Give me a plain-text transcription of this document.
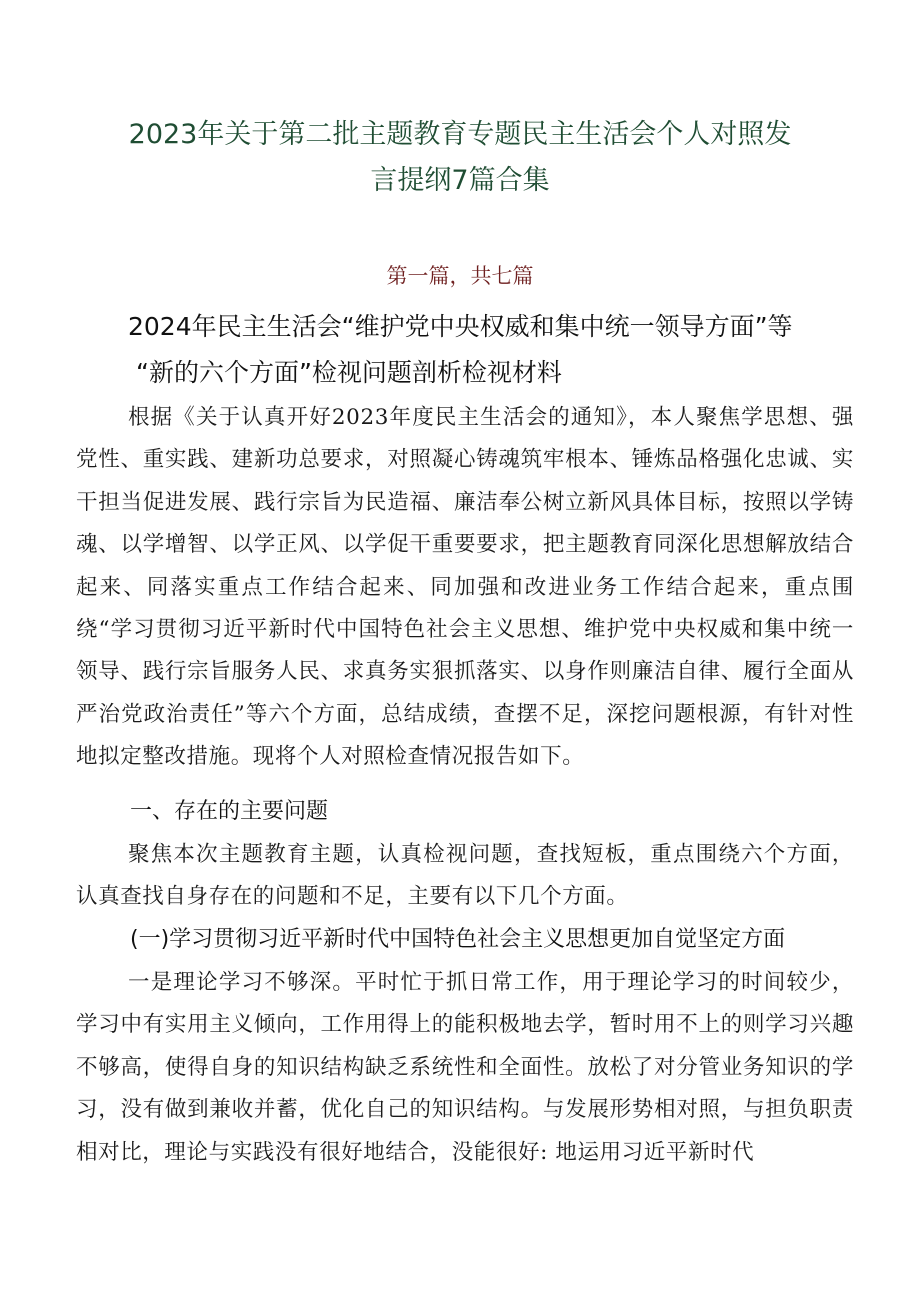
2023年关于第二批主题教育专题民主生活会个人对照发
言提纲7篇合集
第一篇，共七篇
2024年民主生活会“维护党中央权威和集中统一领导方面”等
“新的六个方面”检视问题剖析检视材料

根据《关于认真开好2023年度民主生活会的通知》，本人聚焦学思想、强党性、重实践、建新功总要求，对照凝心铸魂筑牢根本、锤炼品格强化忠诚、实干担当促进发展、践行宗旨为民造福、廉洁奉公树立新风具体目标，按照以学铸魂、以学增智、以学正风、以学促干重要要求，把主题教育同深化思想解放结合起来、同落实重点工作结合起来、同加强和改进业务工作结合起来，重点围绕“学习贯彻习近平新时代中国特色社会主义思想、维护党中央权威和集中统一领导、践行宗旨服务人民、求真务实狠抓落实、以身作则廉洁自律、履行全面从严治党政治责任”等六个方面，总结成绩，查摆不足，深挖问题根源，有针对性地拟定整改措施。现将个人对照检查情况报告如下。

一、存在的主要问题

聚焦本次主题教育主题，认真检视问题，查找短板，重点围绕六个方面，认真查找自身存在的问题和不足，主要有以下几个方面。

(一)学习贯彻习近平新时代中国特色社会主义思想更加自觉坚定方面

一是理论学习不够深。平时忙于抓日常工作，用于理论学习的时间较少，学习中有实用主义倾向，工作用得上的能积极地去学，暂时用不上的则学习兴趣不够高，使得自身的知识结构缺乏系统性和全面性。放松了对分管业务知识的学习，没有做到兼收并蓄，优化自己的知识结构。与发展形势相对照，与担负职责相对比，理论与实践没有很好地结合，没能很好: 地运用习近平新时代
